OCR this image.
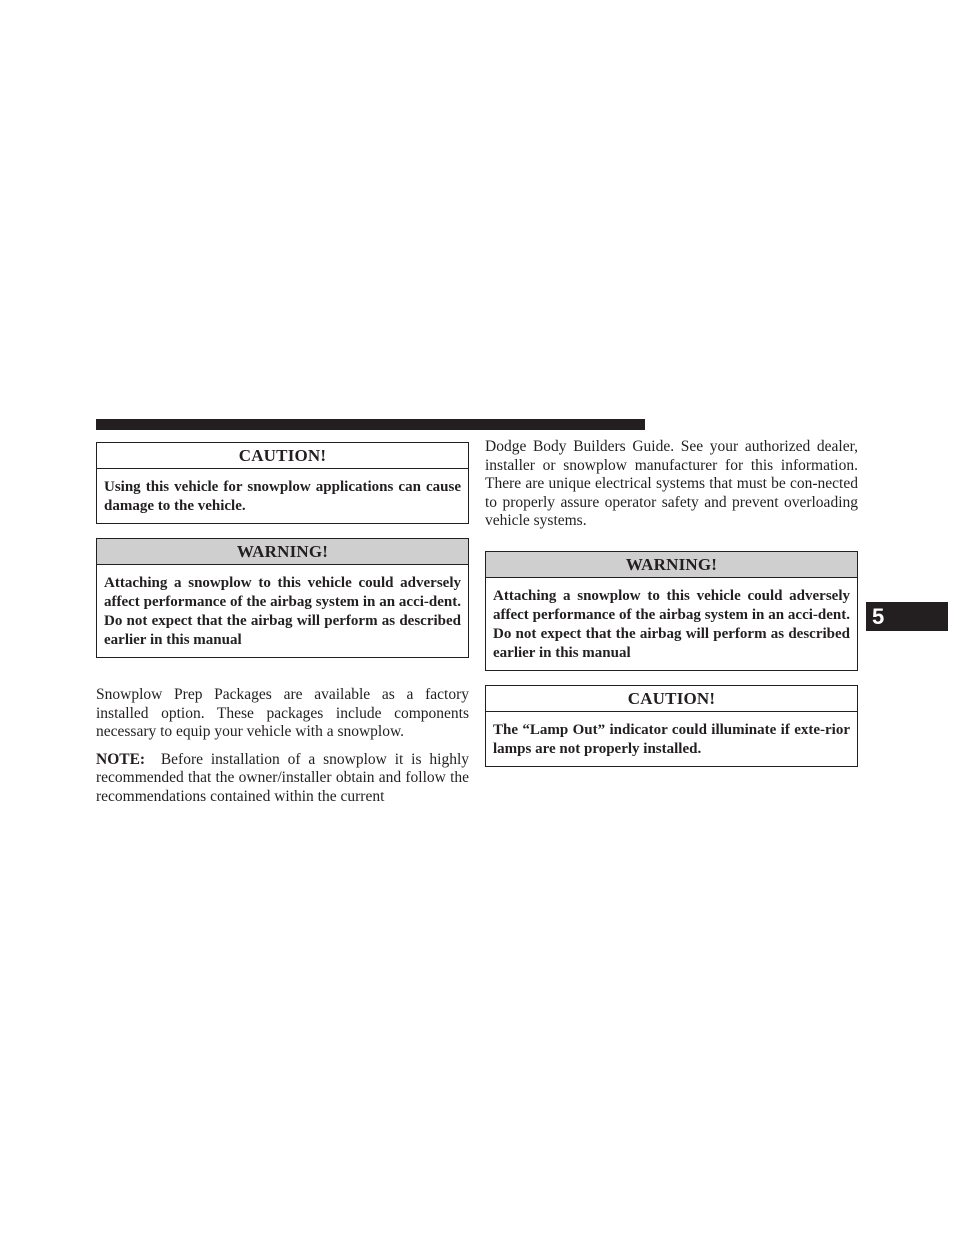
CAUTION!
Using this vehicle for snowplow applications can cause damage to the vehicle.
WARNING!
Attaching a snowplow to this vehicle could adversely affect performance of the airbag system in an acci-dent. Do not expect that the airbag will perform as described earlier in this manual

Snowplow Prep Packages are available as a factory installed option. These packages include components necessary to equip your vehicle with a snowplow.

NOTE: Before installation of a snowplow it is highly recommended that the owner/installer obtain and follow the recommendations contained within the current

Dodge Body Builders Guide. See your authorized dealer, installer or snowplow manufacturer for this information. There are unique electrical systems that must be con-nected to properly assure operator safety and prevent overloading vehicle systems.

WARNING!
Attaching a snowplow to this vehicle could adversely affect performance of the airbag system in an acci-dent. Do not expect that the airbag will perform as described earlier in this manual
CAUTION!
The “Lamp Out” indicator could illuminate if exte-rior lamps are not properly installed.
5
